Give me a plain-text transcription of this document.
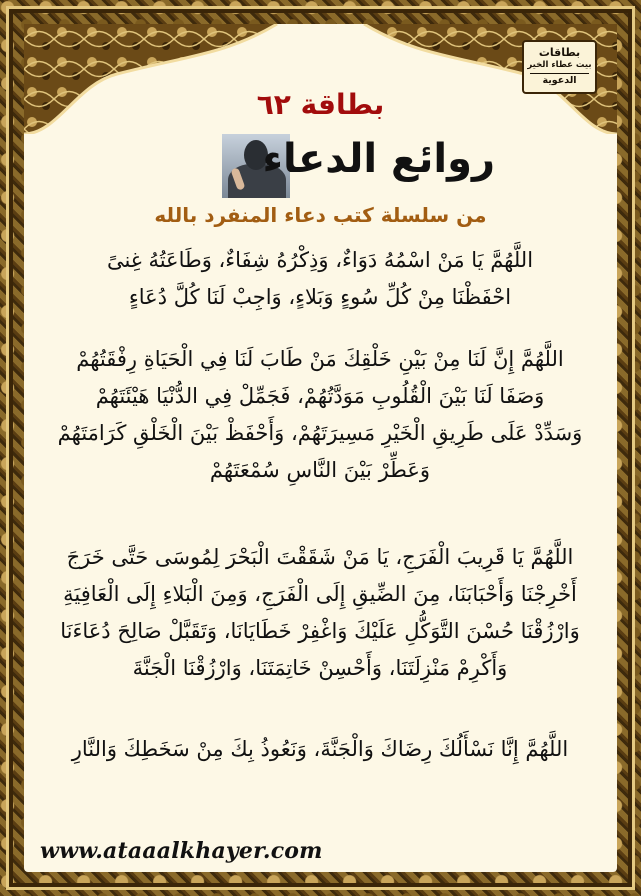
بطاقات
بيت عطاء الخير
الدعوية
بطاقة ٦٢
روائع الدعاء
من سلسلة كتب دعاء المنفرد بالله

اللَّهُمَّ يَا مَنْ اسْمُهُ دَوَاءٌ، وَذِكْرُهُ شِفَاءٌ، وَطَاعَتُهُ غِنىً

احْفَظْنَا مِنْ كُلِّ سُوءٍ وَبَلاءٍ، وَاجِبْ لَنَا كُلَّ دُعَاءٍ

اللَّهُمَّ إِنَّ لَنَا مِنْ بَيْنِ خَلْقِكَ مَنْ طَابَ لَنَا فِي الْحَيَاةِ رِفْقَتُهُمْ

وَصَفَا لَنَا بَيْنَ الْقُلُوبِ مَوَدَّتُهُمْ، فَجَمِّلْ فِي الدُّنْيَا هَيْئَتَهُمْ

وَسَدِّدْ عَلَى طَرِيقِ الْخَيْرِ مَسِيرَتَهُمْ، وَأَحْفَظْ بَيْنَ الْخَلْقِ كَرَامَتَهُمْ

وَعَطِّرْ بَيْنَ النَّاسِ سُمْعَتَهُمْ

اللَّهُمَّ يَا قَرِيبَ الْفَرَجِ، يَا مَنْ شَقَقْتَ الْبَحْرَ لِمُوسَى حَتَّى خَرَجَ

أَخْرِجْنَا وَأَحْبَابَنَا، مِنَ الضِّيقِ إِلَى الْفَرَجِ، وَمِنَ الْبَلاءِ إِلَى الْعَافِيَةِ

وَارْزُقْنَا حُسْنَ التَّوَكُّلِ عَلَيْكَ وَاغْفِرْ خَطَايَانَا، وَتَقَبَّلْ صَالِحَ دُعَاءَنَا

وَأَكْرِمْ مَنْزِلَتَنَا، وَأَحْسِنْ خَاتِمَتَنَا، وَارْزُقْنَا الْجَنَّةَ

اللَّهُمَّ إِنَّا نَسْأَلُكَ رِضَاكَ وَالْجَنَّةَ، وَنَعُوذُ بِكَ مِنْ سَخَطِكَ وَالنَّارِ

www.ataaalkhayer.com
